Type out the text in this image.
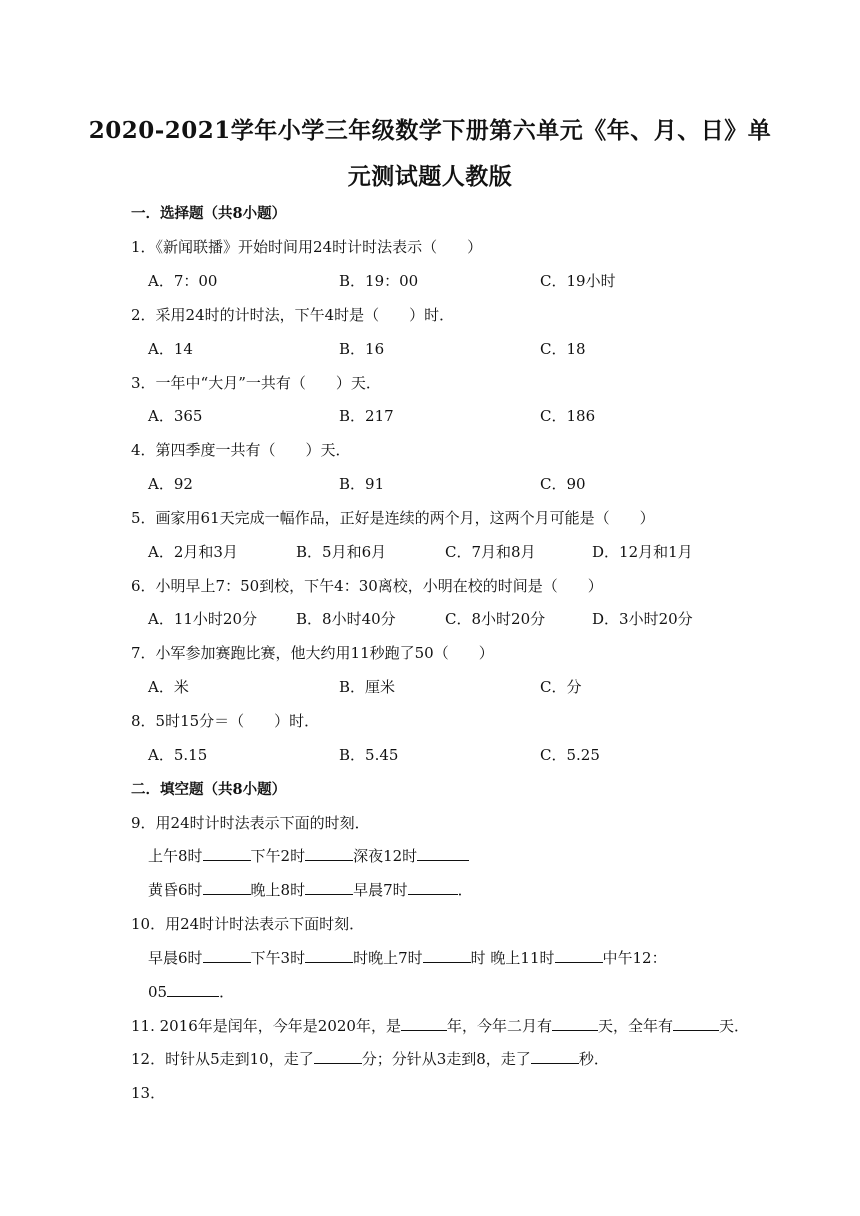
2020-2021学年小学三年级数学下册第六单元《年、月、日》单
元测试题人教版
一．选择题（共8小题）
1．《新闻联播》开始时间用24时计时法表示（　　）
A．7：00	B．19：00	C．19小时
2．采用24时的计时法，下午4时是（　　）时．
A．14	B．16	C．18
3．一年中“大月”一共有（　　）天．
A．365	B．217	C．186
4．第四季度一共有（　　）天．
A．92	B．91	C．90
5．画家用61天完成一幅作品，正好是连续的两个月，这两个月可能是（　　）
A．2月和3月	B．5月和6月	C．7月和8月	D．12月和1月
6．小明早上7：50到校，下午4：30离校，小明在校的时间是（　　）
A．11小时20分	B．8小时40分	C．8小时20分	D．3小时20分
7．小军参加赛跑比赛，他大约用11秒跑了50（　　）
A．米	B．厘米	C．分
8．5时15分＝（　　）时．
A．5.15	B．5.45	C．5.25
二．填空题（共8小题）
9．用24时计时法表示下面的时刻．
上午8时	下午2时	深夜12时
黄昏6时	晚上8时	早晨7时	．
10．用24时计时法表示下面时刻．
早晨6时	下午3时	时晚上7时	时 晚上11时	中午12：
05	．
11. 2016年是闰年，今年是2020年，是	年，今年二月有	天，全年有	天．
12．时针从5走到10，走了	分；分针从3走到8，走了	秒．
13．
